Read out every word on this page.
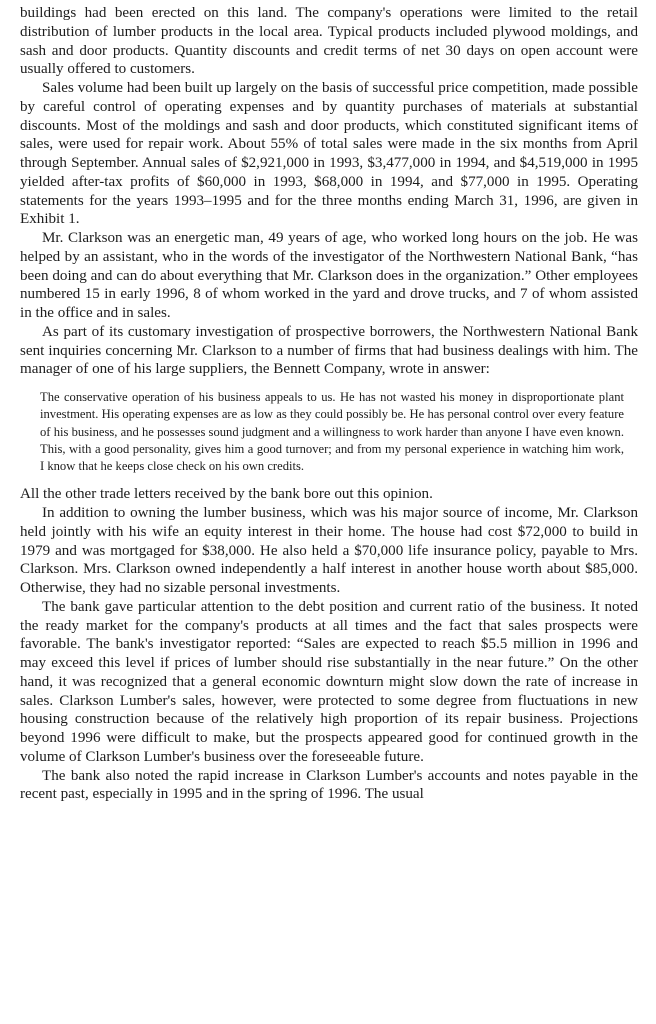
buildings had been erected on this land. The company's operations were limited to the retail distribution of lumber products in the local area. Typical products included plywood moldings, and sash and door products. Quantity discounts and credit terms of net 30 days on open account were usually offered to customers.

Sales volume had been built up largely on the basis of successful price competition, made possible by careful control of operating expenses and by quantity purchases of materials at substantial discounts. Most of the moldings and sash and door products, which constituted significant items of sales, were used for repair work. About 55% of total sales were made in the six months from April through September. Annual sales of $2,921,000 in 1993, $3,477,000 in 1994, and $4,519,000 in 1995 yielded after-tax profits of $60,000 in 1993, $68,000 in 1994, and $77,000 in 1995. Operating statements for the years 1993–1995 and for the three months ending March 31, 1996, are given in Exhibit 1.

Mr. Clarkson was an energetic man, 49 years of age, who worked long hours on the job. He was helped by an assistant, who in the words of the investigator of the Northwestern National Bank, “has been doing and can do about everything that Mr. Clarkson does in the organization.” Other employees numbered 15 in early 1996, 8 of whom worked in the yard and drove trucks, and 7 of whom assisted in the office and in sales.

As part of its customary investigation of prospective borrowers, the Northwestern National Bank sent inquiries concerning Mr. Clarkson to a number of firms that had business dealings with him. The manager of one of his large suppliers, the Bennett Company, wrote in answer:

The conservative operation of his business appeals to us. He has not wasted his money in disproportionate plant investment. His operating expenses are as low as they could possibly be. He has personal control over every feature of his business, and he possesses sound judgment and a willingness to work harder than anyone I have even known. This, with a good personality, gives him a good turnover; and from my personal experience in watching him work, I know that he keeps close check on his own credits.

All the other trade letters received by the bank bore out this opinion.

In addition to owning the lumber business, which was his major source of income, Mr. Clarkson held jointly with his wife an equity interest in their home. The house had cost $72,000 to build in 1979 and was mortgaged for $38,000. He also held a $70,000 life insurance policy, payable to Mrs. Clarkson. Mrs. Clarkson owned independently a half interest in another house worth about $85,000. Otherwise, they had no sizable personal investments.

The bank gave particular attention to the debt position and current ratio of the business. It noted the ready market for the company's products at all times and the fact that sales prospects were favorable. The bank's investigator reported: “Sales are expected to reach $5.5 million in 1996 and may exceed this level if prices of lumber should rise substantially in the near future.” On the other hand, it was recognized that a general economic downturn might slow down the rate of increase in sales. Clarkson Lumber's sales, however, were protected to some degree from fluctuations in new housing construction because of the relatively high proportion of its repair business. Projections beyond 1996 were difficult to make, but the prospects appeared good for continued growth in the volume of Clarkson Lumber's business over the foreseeable future.

The bank also noted the rapid increase in Clarkson Lumber's accounts and notes payable in the recent past, especially in 1995 and in the spring of 1996. The usual
